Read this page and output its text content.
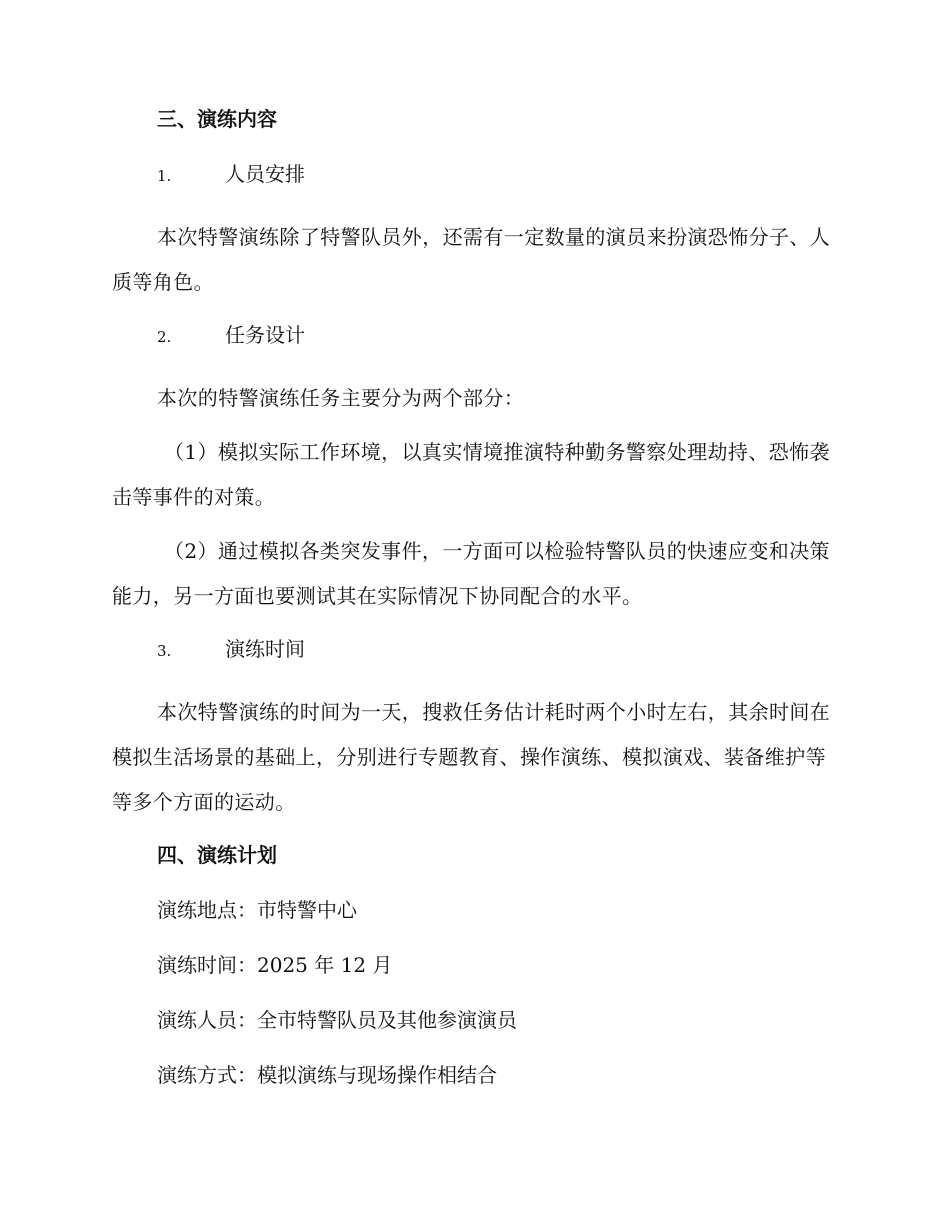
三、演练内容

1.	人员安排

本次特警演练除了特警队员外，还需有一定数量的演员来扮演恐怖分子、人质等角色。

2.	任务设计

本次的特警演练任务主要分为两个部分：

（1）模拟实际工作环境，以真实情境推演特种勤务警察处理劫持、恐怖袭击等事件的对策。

（2）通过模拟各类突发事件，一方面可以检验特警队员的快速应变和决策能力，另一方面也要测试其在实际情况下协同配合的水平。

3.	演练时间

本次特警演练的时间为一天，搜救任务估计耗时两个小时左右，其余时间在模拟生活场景的基础上，分别进行专题教育、操作演练、模拟演戏、装备维护等等多个方面的运动。

四、演练计划

演练地点：市特警中心

演练时间：2025 年 12 月

演练人员：全市特警队员及其他参演演员

演练方式：模拟演练与现场操作相结合
